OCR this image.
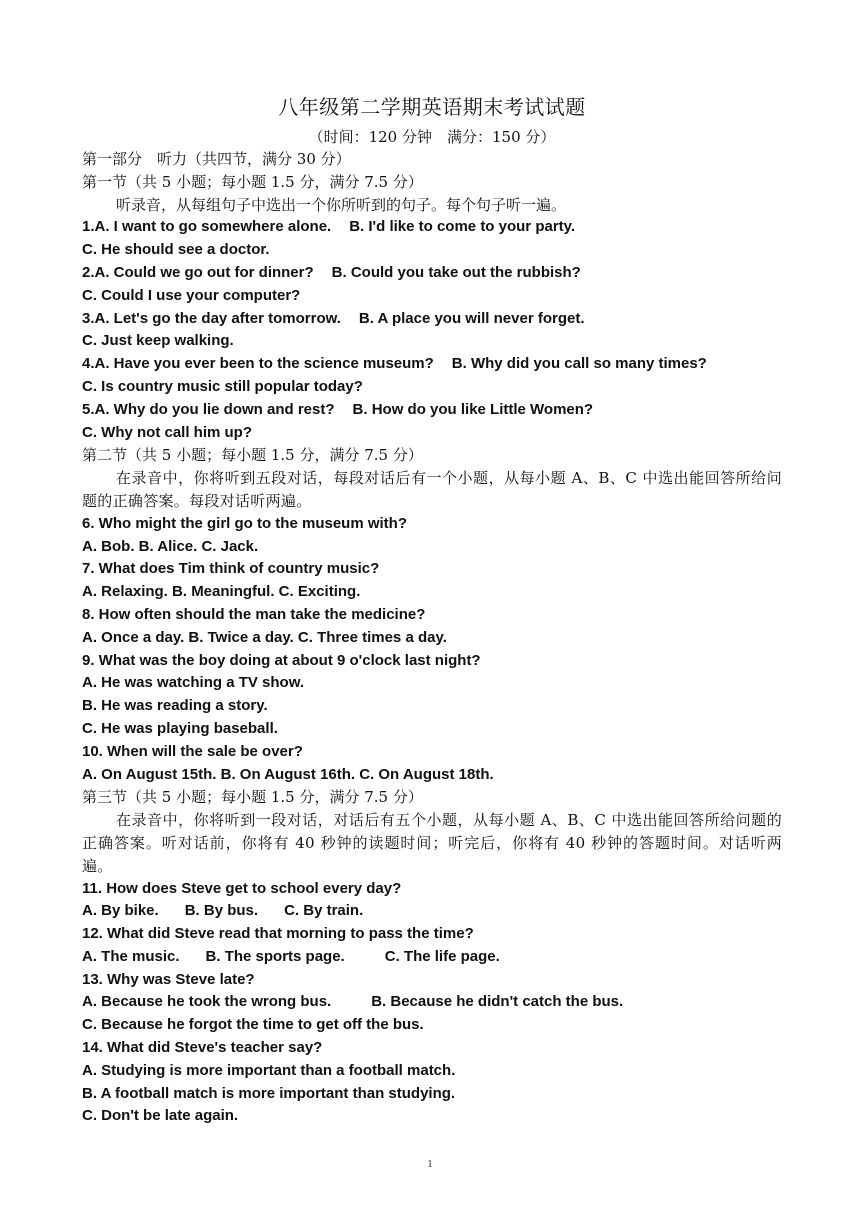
八年级第二学期英语期末考试试题
（时间：120 分钟　满分：150 分）
第一部分　听力（共四节，满分 30 分）
第一节（共 5 小题；每小题 1.5 分，满分 7.5 分）
听录音，从每组句子中选出一个你所听到的句子。每个句子听一遍。
1.A. I want to go somewhere alone. B. I'd like to come to your party.
C. He should see a doctor.
2.A. Could we go out for dinner? B. Could you take out the rubbish?
C. Could I use your computer?
3.A. Let's go the day after tomorrow. B. A place you will never forget.
C. Just keep walking.
4.A. Have you ever been to the science museum? B. Why did you call so many times?
C. Is country music still popular today?
5.A. Why do you lie down and rest? B. How do you like Little Women?
C. Why not call him up?
第二节（共 5 小题；每小题 1.5 分，满分 7.5 分）
在录音中，你将听到五段对话，每段对话后有一个小题，从每小题 A、B、C 中选出能回答所给问题的正确答案。每段对话听两遍。
6. Who might the girl go to the museum with?
A. Bob. B. Alice. C. Jack.
7. What does Tim think of country music?
A. Relaxing. B. Meaningful. C. Exciting.
8. How often should the man take the medicine?
A. Once a day. B. Twice a day. C. Three times a day.
9. What was the boy doing at about 9 o'clock last night?
A. He was watching a TV show.
B. He was reading a story.
C. He was playing baseball.
10. When will the sale be over?
A. On August 15th. B. On August 16th. C. On August 18th.
第三节（共 5 小题；每小题 1.5 分，满分 7.5 分）
在录音中，你将听到一段对话，对话后有五个小题，从每小题 A、B、C 中选出能回答所给问题的正确答案。听对话前，你将有 40 秒钟的读题时间；听完后，你将有 40 秒钟的答题时间。对话听两遍。
11. How does Steve get to school every day?
A. By bike. B. By bus. C. By train.
12. What did Steve read that morning to pass the time?
A. The music. B. The sports page.	C. The life page.
13. Why was Steve late?
A. Because he took the wrong bus.	B. Because he didn't catch the bus.
C. Because he forgot the time to get off the bus.
14. What did Steve's teacher say?
A. Studying is more important than a football match.
B. A football match is more important than studying.
C. Don't be late again.
1
